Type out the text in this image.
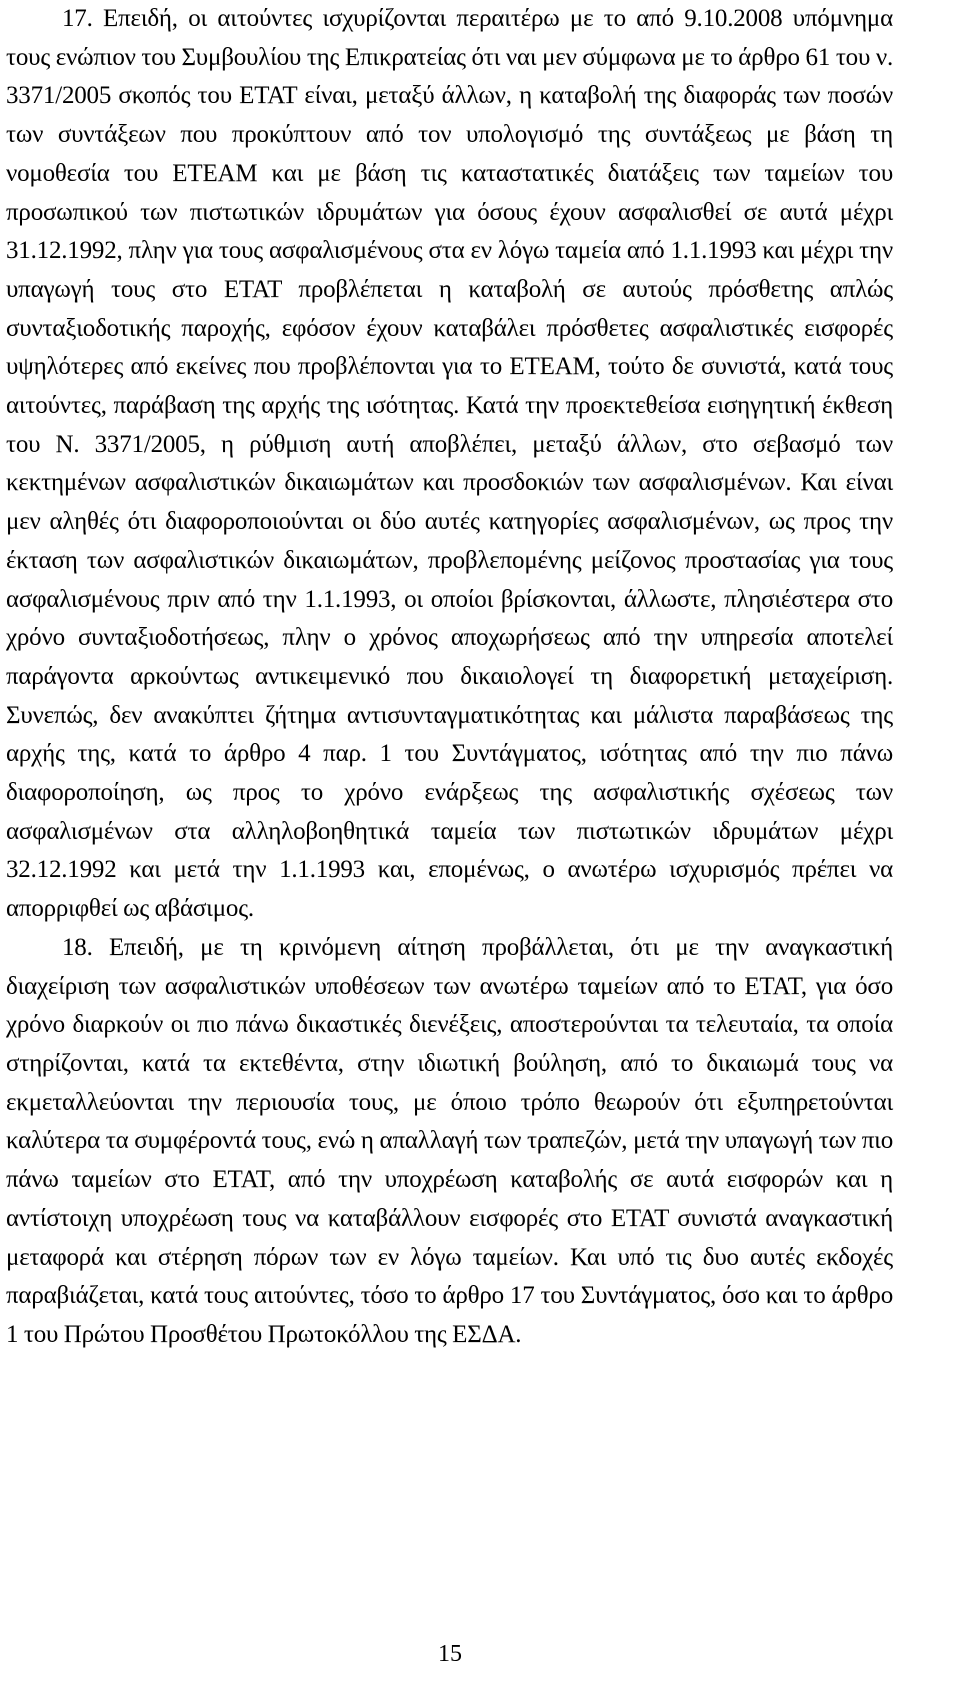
17. Επειδή, οι αιτούντες ισχυρίζονται περαιτέρω με το από 9.10.2008 υπόμνημα τους ενώπιον του Συμβουλίου της Επικρατείας ότι ναι μεν σύμφωνα με το άρθρο 61 του ν. 3371/2005 σκοπός του ΕΤΑΤ είναι, μεταξύ άλλων, η καταβολή της διαφοράς των ποσών των συντάξεων που προκύπτουν από τον υπολογισμό της συντάξεως με βάση τη νομοθεσία του ΕΤΕΑΜ και με βάση τις καταστατικές διατάξεις των ταμείων του προσωπικού των πιστωτικών ιδρυμάτων για όσους έχουν ασφαλισθεί σε αυτά μέχρι 31.12.1992, πλην για τους ασφαλισμένους στα εν λόγω ταμεία από 1.1.1993 και μέχρι την υπαγωγή τους στο ΕΤΑΤ προβλέπεται η καταβολή σε αυτούς πρόσθετης απλώς συνταξιοδοτικής παροχής, εφόσον έχουν καταβάλει πρόσθετες ασφαλιστικές εισφορές υψηλότερες από εκείνες που προβλέπονται για το ΕΤΕΑΜ, τούτο δε συνιστά, κατά τους αιτούντες, παράβαση της αρχής της ισότητας. Κατά την προεκτεθείσα εισηγητική έκθεση του Ν. 3371/2005, η ρύθμιση αυτή αποβλέπει, μεταξύ άλλων, στο σεβασμό των κεκτημένων ασφαλιστικών δικαιωμάτων και προσδοκιών των ασφαλισμένων. Και είναι μεν αληθές ότι διαφοροποιούνται οι δύο αυτές κατηγορίες ασφαλισμένων, ως προς την έκταση των ασφαλιστικών δικαιωμάτων, προβλεπομένης μείζονος προστασίας για τους ασφαλισμένους πριν από την 1.1.1993, οι οποίοι βρίσκονται, άλλωστε, πλησιέστερα στο χρόνο συνταξιοδοτήσεως, πλην ο χρόνος αποχωρήσεως από την υπηρεσία αποτελεί παράγοντα αρκούντως αντικειμενικό που δικαιολογεί τη διαφορετική μεταχείριση. Συνεπώς, δεν ανακύπτει ζήτημα αντισυνταγματικότητας και μάλιστα παραβάσεως της αρχής της, κατά το άρθρο 4 παρ. 1 του Συντάγματος, ισότητας από την πιο πάνω διαφοροποίηση, ως προς το χρόνο ενάρξεως της ασφαλιστικής σχέσεως των ασφαλισμένων στα αλληλοβοηθητικά ταμεία των πιστωτικών ιδρυμάτων μέχρι 32.12.1992 και μετά την 1.1.1993 και, επομένως, ο ανωτέρω ισχυρισμός πρέπει να απορριφθεί ως αβάσιμος.

18. Επειδή, με τη κρινόμενη αίτηση προβάλλεται, ότι με την αναγκαστική διαχείριση των ασφαλιστικών υποθέσεων των ανωτέρω ταμείων από το ΕΤΑΤ, για όσο χρόνο διαρκούν οι πιο πάνω δικαστικές διενέξεις, αποστερούνται τα τελευταία, τα οποία στηρίζονται, κατά τα εκτεθέντα, στην ιδιωτική βούληση, από το δικαιωμά τους να εκμεταλλεύονται την περιουσία τους, με όποιο τρόπο θεωρούν ότι εξυπηρετούνται καλύτερα τα συμφέροντά τους, ενώ η απαλλαγή των τραπεζών, μετά την υπαγωγή των πιο πάνω ταμείων στο ΕΤΑΤ, από την υποχρέωση καταβολής σε αυτά εισφορών και η αντίστοιχη υποχρέωση τους να καταβάλλουν εισφορές στο ΕΤΑΤ συνιστά αναγκαστική μεταφορά και στέρηση πόρων των εν λόγω ταμείων. Και υπό τις δυο αυτές εκδοχές παραβιάζεται, κατά τους αιτούντες, τόσο το άρθρο 17 του Συντάγματος, όσο και το άρθρο 1 του Πρώτου Προσθέτου Πρωτοκόλλου της ΕΣΔΑ.

15
